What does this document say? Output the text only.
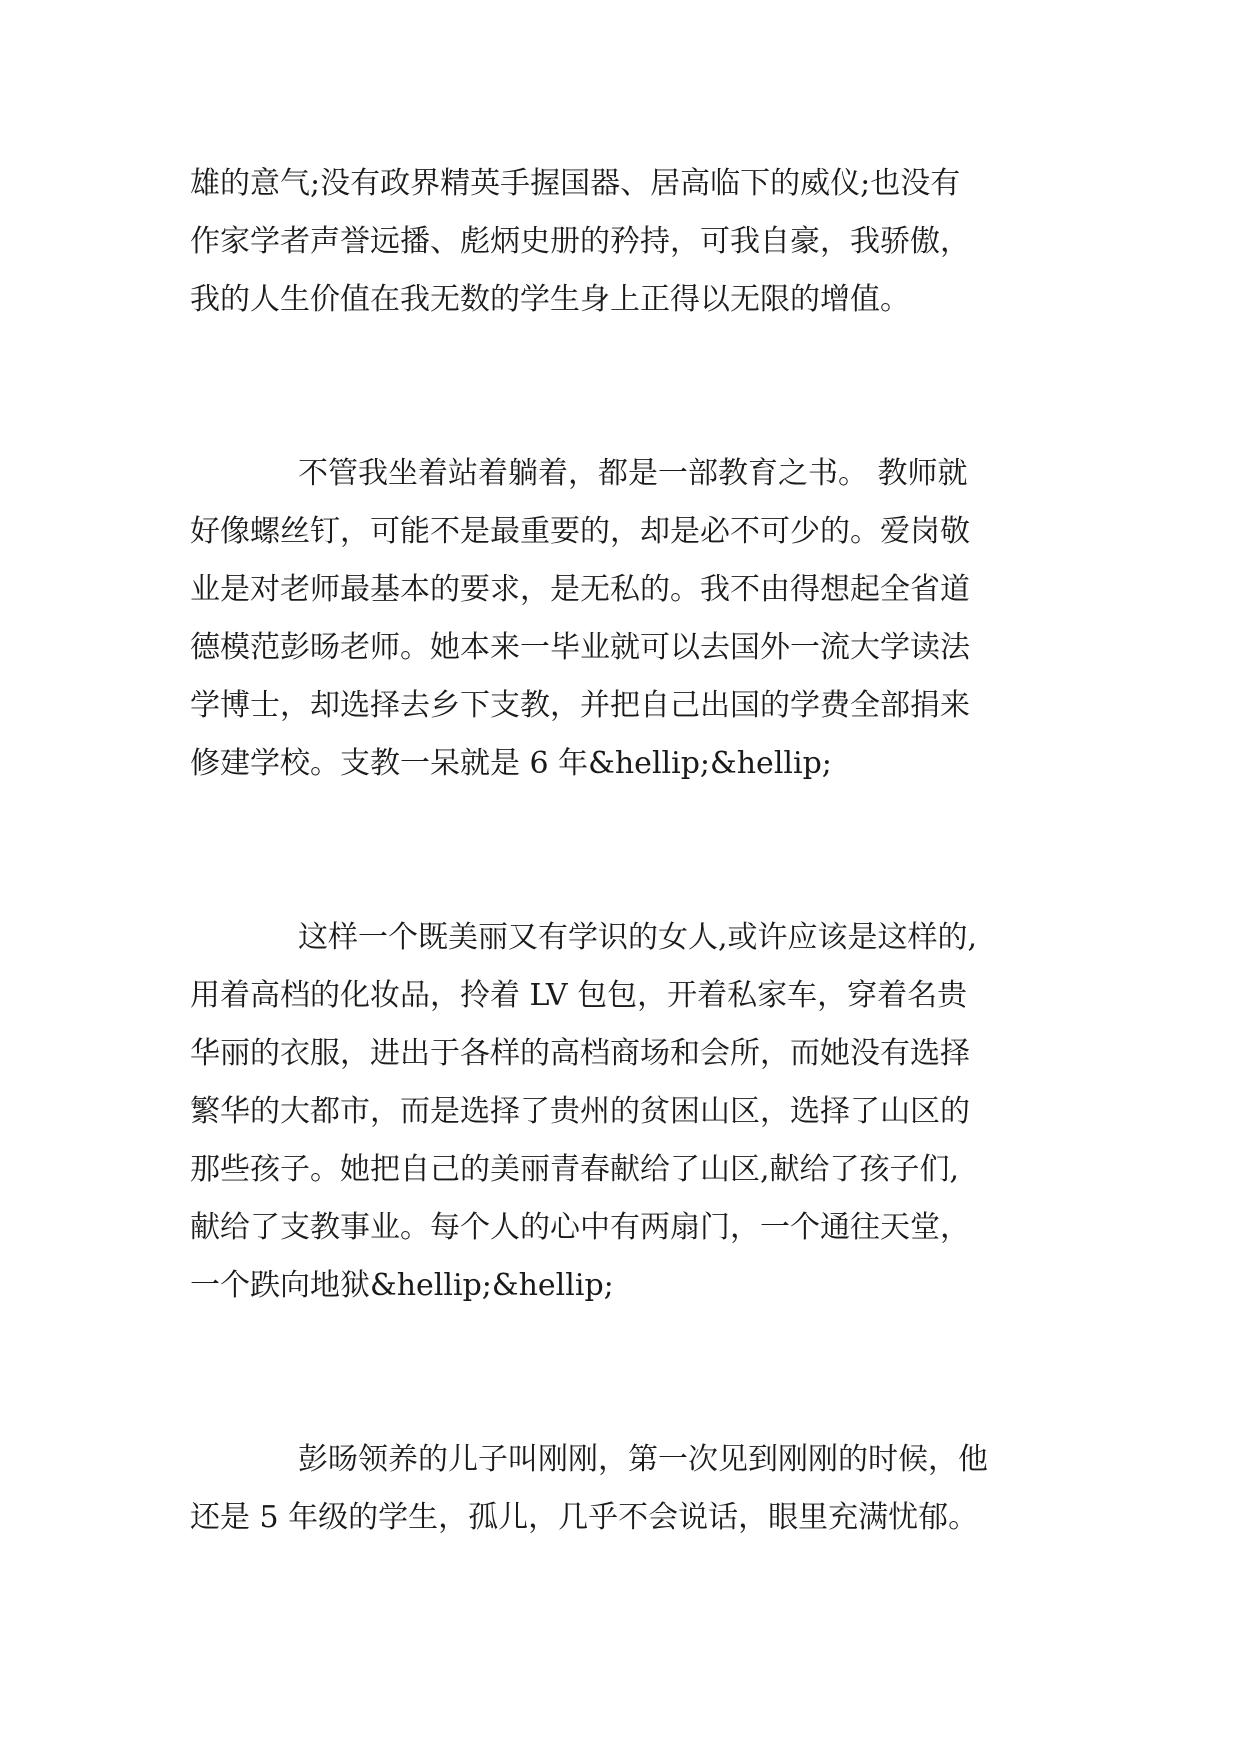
雄的意气;没有政界精英手握国器、居高临下的威仪;也没有
作家学者声誉远播、彪炳史册的矜持，可我自豪，我骄傲，
我的人生价值在我无数的学生身上正得以无限的增值。
不管我坐着站着躺着，都是一部教育之书。 教师就
好像螺丝钉，可能不是最重要的，却是必不可少的。爱岗敬
业是对老师最基本的要求，是无私的。我不由得想起全省道
德模范彭旸老师。她本来一毕业就可以去国外一流大学读法
学博士，却选择去乡下支教，并把自己出国的学费全部捐来
修建学校。支教一呆就是 6 年&hellip;&hellip;
这样一个既美丽又有学识的女人,或许应该是这样的,
用着高档的化妆品，拎着 LV 包包，开着私家车，穿着名贵
华丽的衣服，进出于各样的高档商场和会所，而她没有选择
繁华的大都市，而是选择了贵州的贫困山区，选择了山区的
那些孩子。她把自己的美丽青春献给了山区,献给了孩子们,
献给了支教事业。每个人的心中有两扇门，一个通往天堂，
一个跌向地狱&hellip;&hellip;
彭旸领养的儿子叫刚刚，第一次见到刚刚的时候，他
还是 5 年级的学生，孤儿，几乎不会说话，眼里充满忧郁。
